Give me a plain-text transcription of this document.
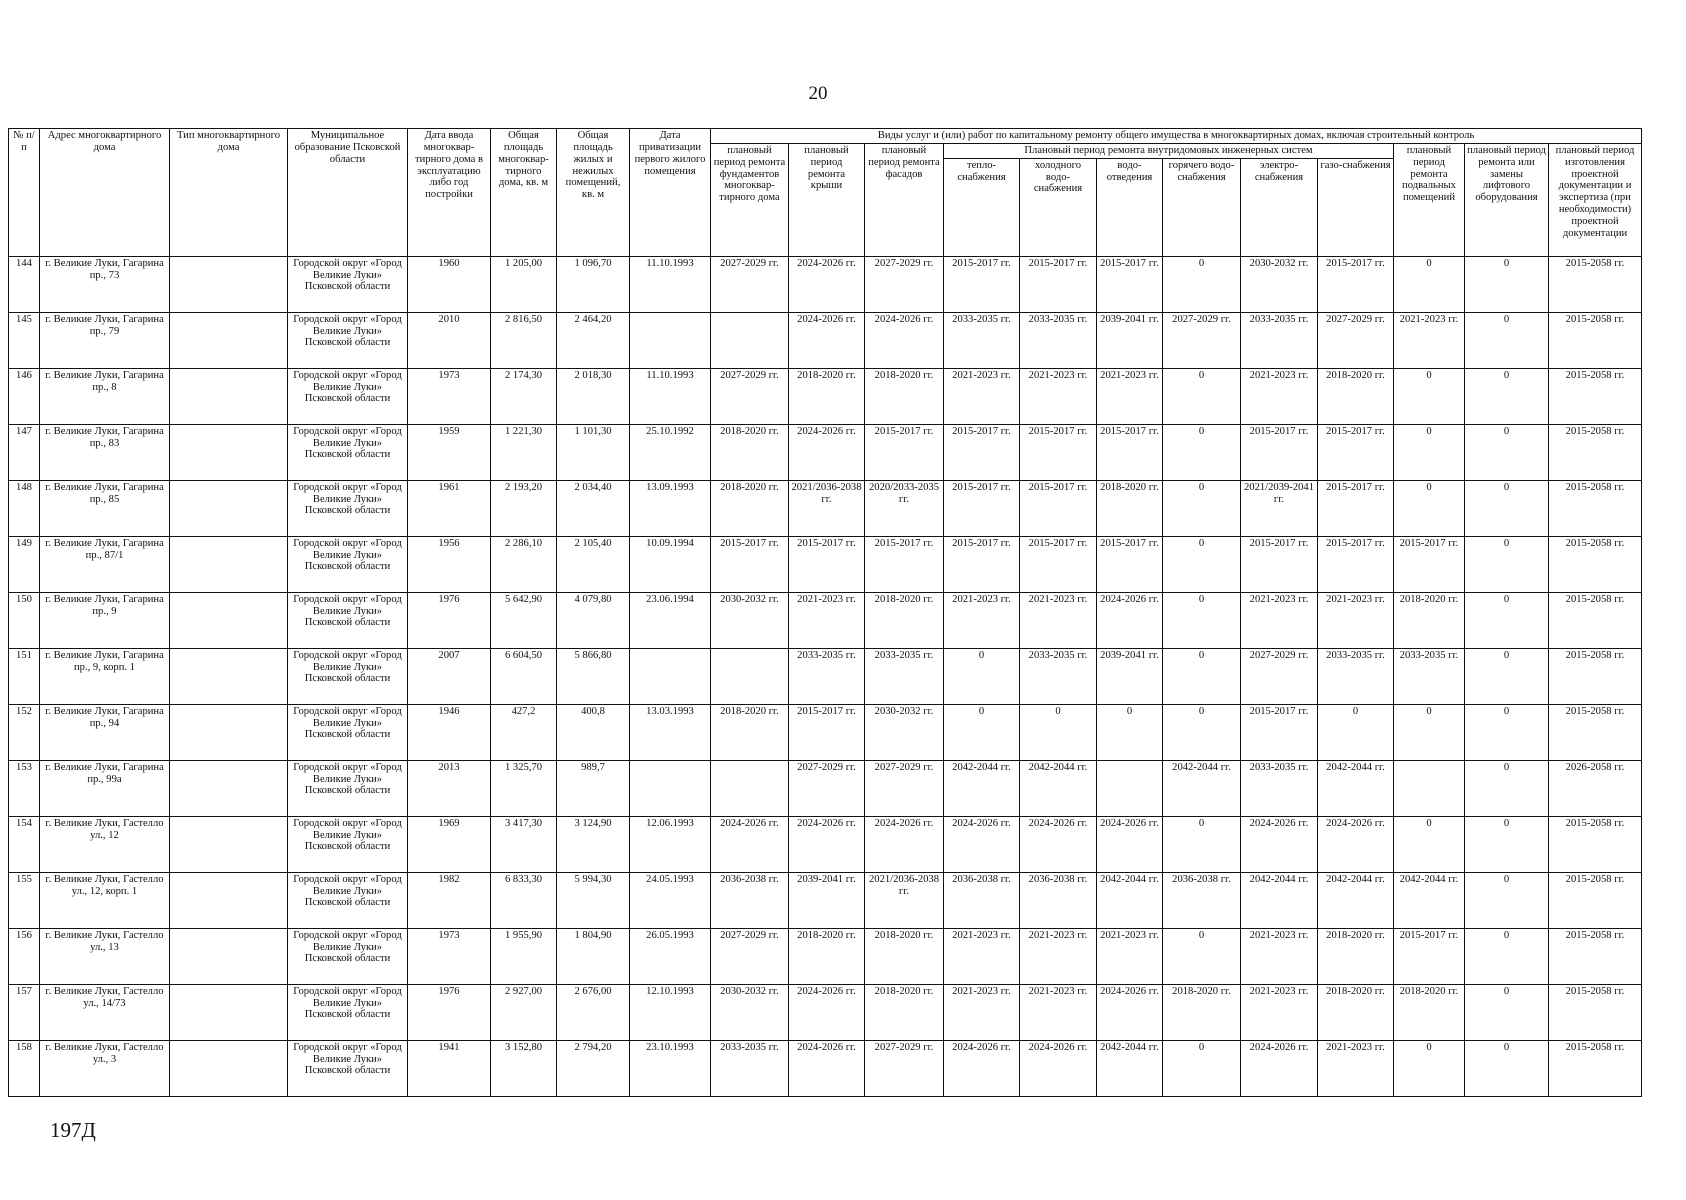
20
№ п/п	Адрес многоквартирного дома	Тип многоквартирного дома	Муниципальное образование Псковской области	Дата ввода многоквар-тирного дома в эксплуатацию либо год постройки	Общая площадь многоквар-тирного дома, кв. м	Общая площадь жилых и нежилых помещений, кв. м	Дата приватизации первого жилого помещения	Виды услуг и (или) работ по капитальному ремонту общего имущества в многоквартирных домах, включая строительный контроль											
								плановый период ремонта фундаментов многоквар-тирного дома	плановый период ремонта крыши	плановый период ремонта фасадов	Плановый период ремонта внутридомовых инженерных систем						плановый период ремонта подвальных помещений	плановый период ремонта или замены лифтового оборудования	плановый период изготовления проектной документации и экспертиза (при необходимости) проектной документации
											тепло-снабжения	холодного водо-снабжения	водо-отведения	горячего водо-снабжения	электро-снабжения	газо-снабжения			
144	г. Великие Луки, Гагарина пр., 73		Городской округ «Город Великие Луки» Псковской области	1960	1 205,00	1 096,70	11.10.1993	2027-2029 гг.	2024-2026 гг.	2027-2029 гг.	2015-2017 гг.	2015-2017 гг.	2015-2017 гг.	0	2030-2032 гг.	2015-2017 гг.	0	0	2015-2058 гг.
145	г. Великие Луки, Гагарина пр., 79		Городской округ «Город Великие Луки» Псковской области	2010	2 816,50	2 464,20			2024-2026 гг.	2024-2026 гг.	2033-2035 гг.	2033-2035 гг.	2039-2041 гг.	2027-2029 гг.	2033-2035 гг.	2027-2029 гг.	2021-2023 гг.	0	2015-2058 гг.
146	г. Великие Луки, Гагарина пр., 8		Городской округ «Город Великие Луки» Псковской области	1973	2 174,30	2 018,30	11.10.1993	2027-2029 гг.	2018-2020 гг.	2018-2020 гг.	2021-2023 гг.	2021-2023 гг.	2021-2023 гг.	0	2021-2023 гг.	2018-2020 гг.	0	0	2015-2058 гг.
147	г. Великие Луки, Гагарина пр., 83		Городской округ «Город Великие Луки» Псковской области	1959	1 221,30	1 101,30	25.10.1992	2018-2020 гг.	2024-2026 гг.	2015-2017 гг.	2015-2017 гг.	2015-2017 гг.	2015-2017 гг.	0	2015-2017 гг.	2015-2017 гг.	0	0	2015-2058 гг.
148	г. Великие Луки, Гагарина пр., 85		Городской округ «Город Великие Луки» Псковской области	1961	2 193,20	2 034,40	13.09.1993	2018-2020 гг.	2021/2036-2038 гг.	2020/2033-2035 гг.	2015-2017 гг.	2015-2017 гг.	2018-2020 гг.	0	2021/2039-2041 гг.	2015-2017 гг.	0	0	2015-2058 гг.
149	г. Великие Луки, Гагарина пр., 87/1		Городской округ «Город Великие Луки» Псковской области	1956	2 286,10	2 105,40	10.09.1994	2015-2017 гг.	2015-2017 гг.	2015-2017 гг.	2015-2017 гг.	2015-2017 гг.	2015-2017 гг.	0	2015-2017 гг.	2015-2017 гг.	2015-2017 гг.	0	2015-2058 гг.
150	г. Великие Луки, Гагарина пр., 9		Городской округ «Город Великие Луки» Псковской области	1976	5 642,90	4 079,80	23.06.1994	2030-2032 гг.	2021-2023 гг.	2018-2020 гг.	2021-2023 гг.	2021-2023 гг.	2024-2026 гг.	0	2021-2023 гг.	2021-2023 гг.	2018-2020 гг.	0	2015-2058 гг.
151	г. Великие Луки, Гагарина пр., 9, корп. 1		Городской округ «Город Великие Луки» Псковской области	2007	6 604,50	5 866,80			2033-2035 гг.	2033-2035 гг.	0	2033-2035 гг.	2039-2041 гг.	0	2027-2029 гг.	2033-2035 гг.	2033-2035 гг.	0	2015-2058 гг.
152	г. Великие Луки, Гагарина пр., 94		Городской округ «Город Великие Луки» Псковской области	1946	427,2	400,8	13.03.1993	2018-2020 гг.	2015-2017 гг.	2030-2032 гг.	0	0	0	0	2015-2017 гг.	0	0	0	2015-2058 гг.
153	г. Великие Луки, Гагарина пр., 99а		Городской округ «Город Великие Луки» Псковской области	2013	1 325,70	989,7			2027-2029 гг.	2027-2029 гг.	2042-2044 гг.	2042-2044 гг.		2042-2044 гг.	2033-2035 гг.	2042-2044 гг.		0	2026-2058 гг.
154	г. Великие Луки, Гастелло ул., 12		Городской округ «Город Великие Луки» Псковской области	1969	3 417,30	3 124,90	12.06.1993	2024-2026 гг.	2024-2026 гг.	2024-2026 гг.	2024-2026 гг.	2024-2026 гг.	2024-2026 гг.	0	2024-2026 гг.	2024-2026 гг.	0	0	2015-2058 гг.
155	г. Великие Луки, Гастелло ул., 12, корп. 1		Городской округ «Город Великие Луки» Псковской области	1982	6 833,30	5 994,30	24.05.1993	2036-2038 гг.	2039-2041 гг.	2021/2036-2038 гг.	2036-2038 гг.	2036-2038 гг.	2042-2044 гг.	2036-2038 гг.	2042-2044 гг.	2042-2044 гг.	2042-2044 гг.	0	2015-2058 гг.
156	г. Великие Луки, Гастелло ул., 13		Городской округ «Город Великие Луки» Псковской области	1973	1 955,90	1 804,90	26.05.1993	2027-2029 гг.	2018-2020 гг.	2018-2020 гг.	2021-2023 гг.	2021-2023 гг.	2021-2023 гг.	0	2021-2023 гг.	2018-2020 гг.	2015-2017 гг.	0	2015-2058 гг.
157	г. Великие Луки, Гастелло ул., 14/73		Городской округ «Город Великие Луки» Псковской области	1976	2 927,00	2 676,00	12.10.1993	2030-2032 гг.	2024-2026 гг.	2018-2020 гг.	2021-2023 гг.	2021-2023 гг.	2024-2026 гг.	2018-2020 гг.	2021-2023 гг.	2018-2020 гг.	2018-2020 гг.	0	2015-2058 гг.
158	г. Великие Луки, Гастелло ул., 3		Городской округ «Город Великие Луки» Псковской области	1941	3 152,80	2 794,20	23.10.1993	2033-2035 гг.	2024-2026 гг.	2027-2029 гг.	2024-2026 гг.	2024-2026 гг.	2042-2044 гг.	0	2024-2026 гг.	2021-2023 гг.	0	0	2015-2058 гг.
197Д
